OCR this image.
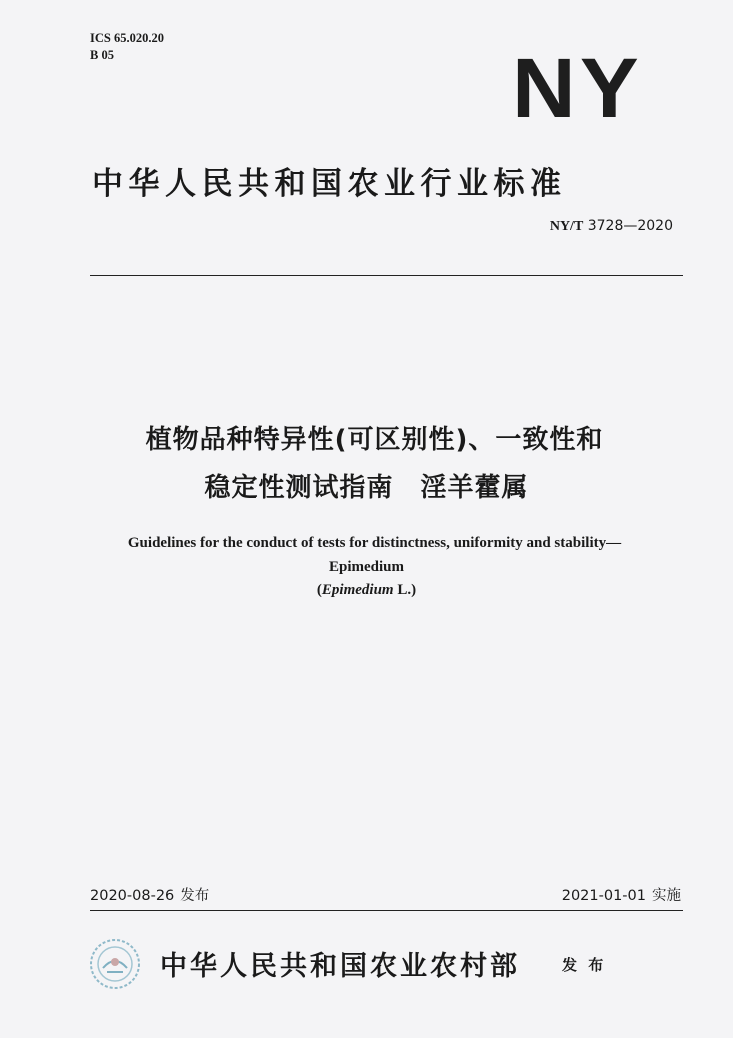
ICS 65.020.20
B 05	NY
中华人民共和国农业行业标准
NY/T 3728—2020
植物品种特异性(可区别性)、一致性和
稳定性测试指南　淫羊藿属
Guidelines for the conduct of tests for distinctness, uniformity and stability—
Epimedium
(Epimedium L.)
2020-08-26 发布	2021-01-01 实施
中华人民共和国农业农村部	发 布
